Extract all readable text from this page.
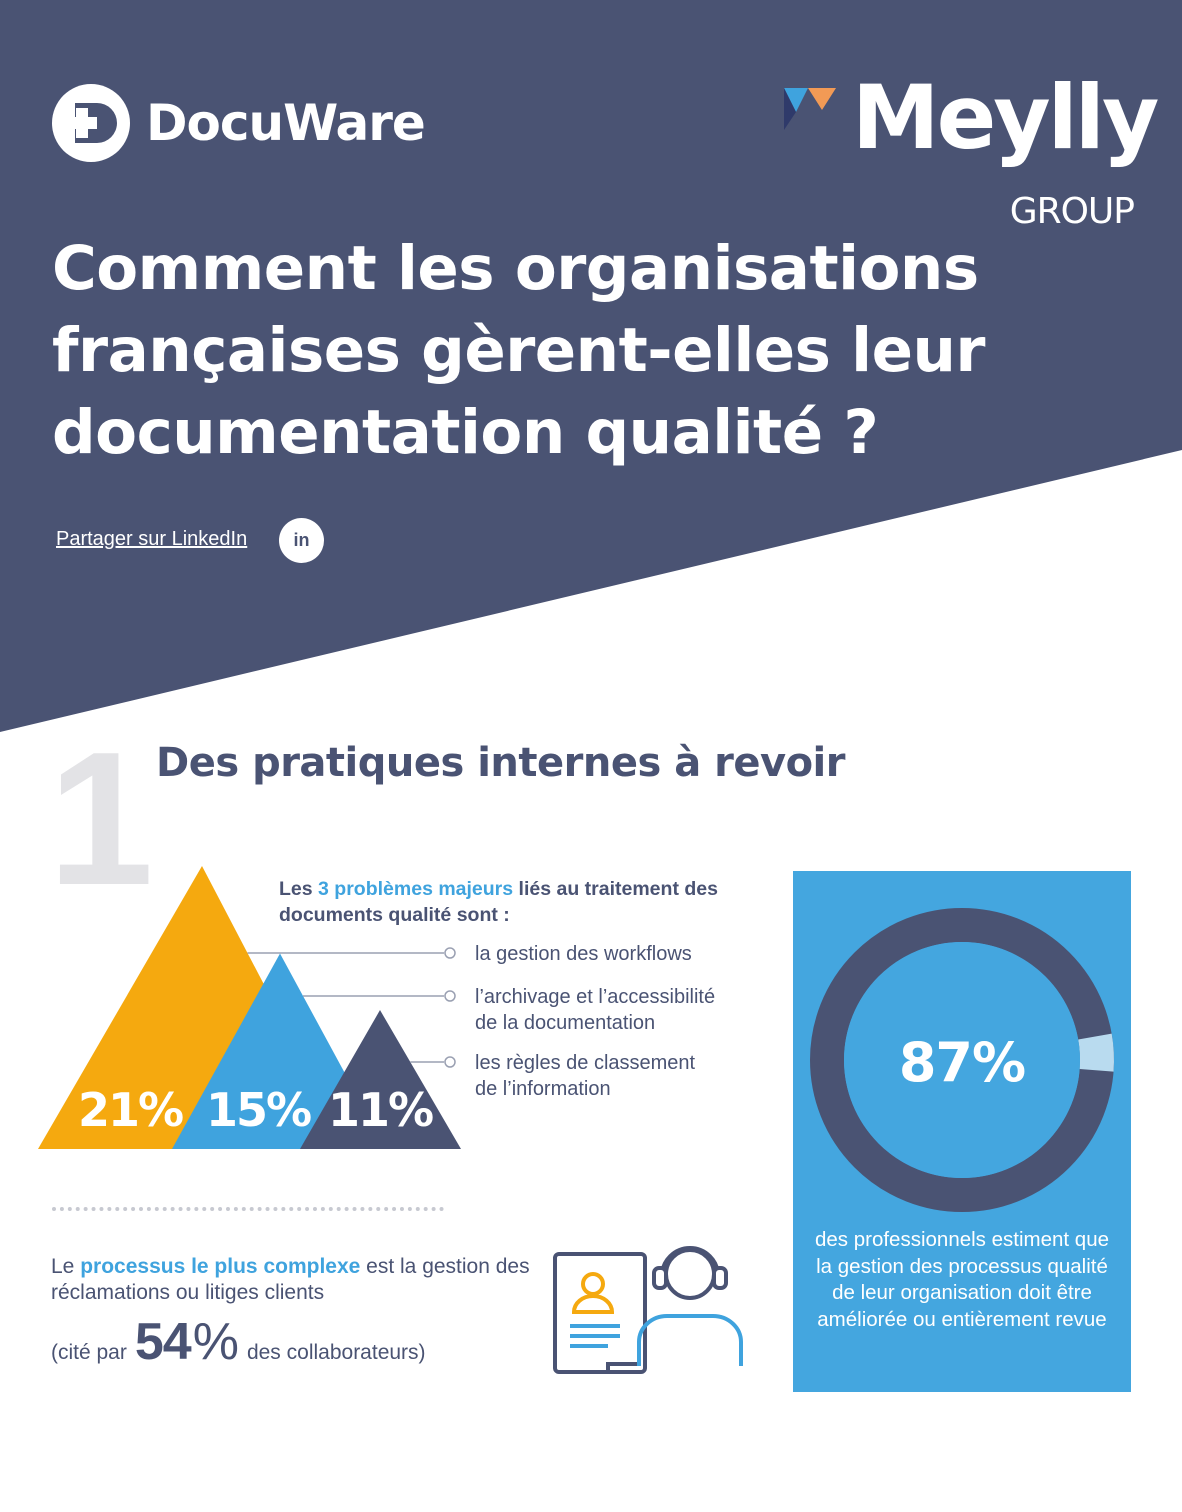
DocuWare	Meylly
GROUP
Comment les organisations
françaises gèrent-elles leur
documentation qualité ?
Partager sur LinkedIn	in
1 Des pratiques internes à revoir
Les 3 problèmes majeurs liés au traitement des documents qualité sont :
21%
la gestion des workflows
15%
l’archivage et l’accessibilité de la documentation
11%
les règles de classement de l’information
Le processus le plus complexe est la gestion des réclamations ou litiges clients
(cité par 54 % des collaborateurs)
87%
des professionnels estiment que la gestion des processus qualité de leur organisation doit être améliorée ou entièrement revue
